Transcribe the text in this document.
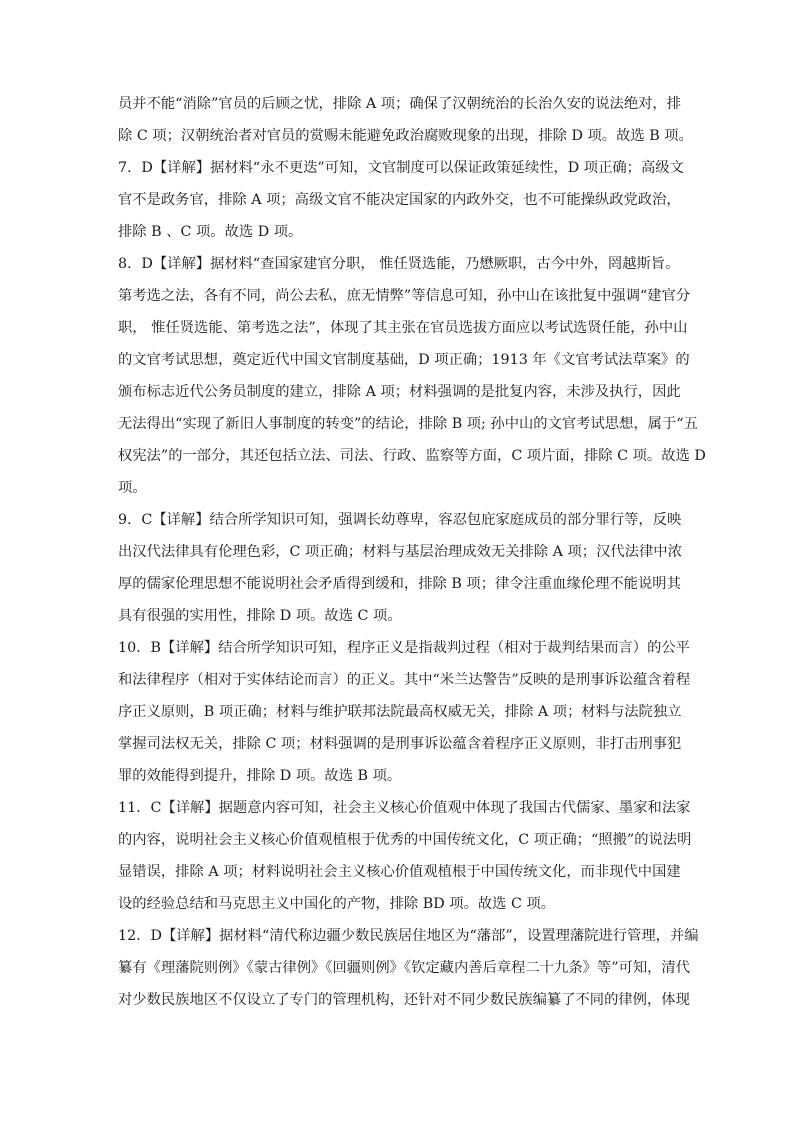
员并不能“消除”官员的后顾之忧，排除 A 项；确保了汉朝统治的长治久安的说法绝对，排
除 C 项；汉朝统治者对官员的赏赐未能避免政治腐败现象的出现，排除 D 项。故选 B 项。
7．D【详解】据材料“永不更迭”可知，文官制度可以保证政策延续性，D 项正确；高级文
官不是政务官，排除 A 项；高级文官不能决定国家的内政外交，也不可能操纵政党政治，
排除 B 、C 项。故选 D 项。
8．D【详解】据材料“查国家建官分职， 惟任贤选能，乃懋厥职，古今中外，罔越斯旨。
第考选之法，各有不同，尚公去私，庶无情弊”等信息可知，孙中山在该批复中强调“建官分
职， 惟任贤选能、第考选之法”，体现了其主张在官员选拔方面应以考试选贤任能，孙中山
的文官考试思想，奠定近代中国文官制度基础，D 项正确；1913 年《文官考试法草案》的
颁布标志近代公务员制度的建立，排除 A 项；材料强调的是批复内容，未涉及执行，因此
无法得出“实现了新旧人事制度的转变”的结论，排除 B 项; 孙中山的文官考试思想，属于“五
权宪法”的一部分，其还包括立法、司法、行政、监察等方面，C 项片面，排除 C 项。故选 D
项。
9．C【详解】结合所学知识可知，强调长幼尊卑，容忍包庇家庭成员的部分罪行等，反映
出汉代法律具有伦理色彩，C 项正确；材料与基层治理成效无关排除 A 项；汉代法律中浓
厚的儒家伦理思想不能说明社会矛盾得到缓和，排除 B 项；律令注重血缘伦理不能说明其
具有很强的实用性，排除 D 项。故选 C 项。
10．B【详解】结合所学知识可知，程序正义是指裁判过程（相对于裁判结果而言）的公平
和法律程序（相对于实体结论而言）的正义。其中“米兰达警告”反映的是刑事诉讼蕴含着程
序正义原则，B 项正确；材料与维护联邦法院最高权威无关，排除 A 项；材料与法院独立
掌握司法权无关，排除 C 项；材料强调的是刑事诉讼蕴含着程序正义原则，非打击刑事犯
罪的效能得到提升，排除 D 项。故选 B 项。
11．C【详解】据题意内容可知，社会主义核心价值观中体现了我国古代儒家、墨家和法家
的内容，说明社会主义核心价值观植根于优秀的中国传统文化，C 项正确；“照搬”的说法明
显错误，排除 A 项；材料说明社会主义核心价值观植根于中国传统文化，而非现代中国建
设的经验总结和马克思主义中国化的产物，排除 BD 项。故选 C 项。
12．D【详解】据材料“清代称边疆少数民族居住地区为“藩部”，设置理藩院进行管理，并编
纂有《理藩院则例》《蒙古律例》《回疆则例》《钦定藏内善后章程二十九条》等”可知，清代
对少数民族地区不仅设立了专门的管理机构，还针对不同少数民族编纂了不同的律例，体现
